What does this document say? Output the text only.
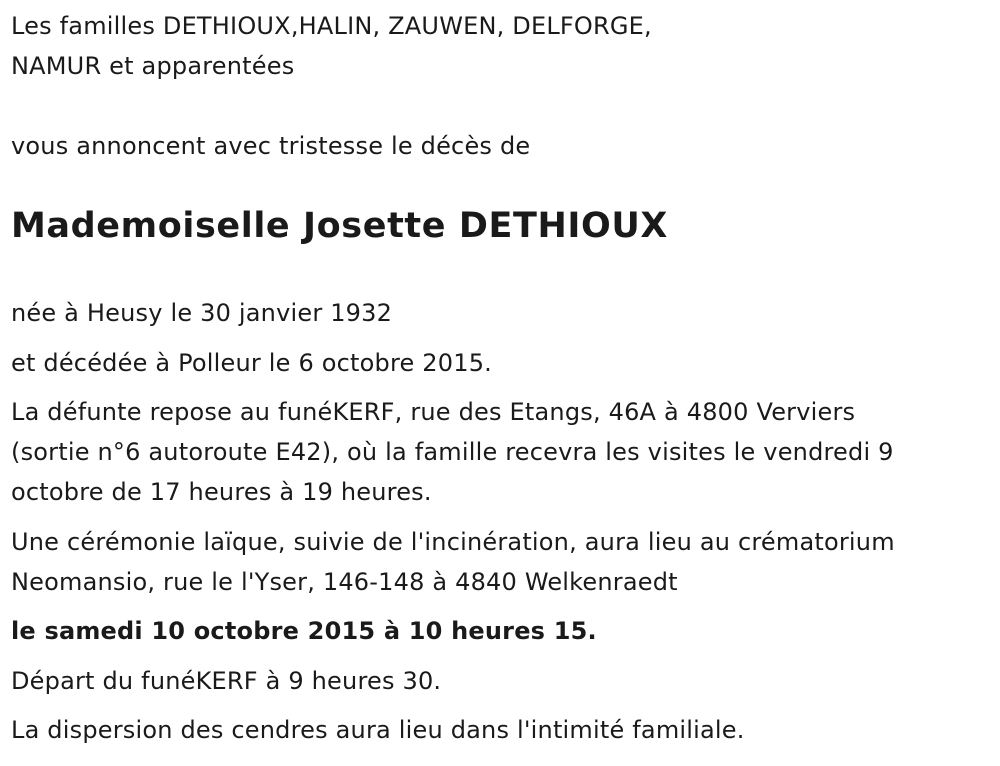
Les familles DETHIOUX,HALIN, ZAUWEN, DELFORGE,
NAMUR et apparentées
vous annoncent avec tristesse le décès de
Mademoiselle Josette DETHIOUX
née à Heusy le 30 janvier 1932
et décédée à Polleur le 6 octobre 2015.
La défunte repose au funéKERF, rue des Etangs, 46A à 4800 Verviers
(sortie n°6 autoroute E42), où la famille recevra les visites le vendredi 9
octobre de 17 heures à 19 heures.
Une cérémonie laïque, suivie de l'incinération, aura lieu au crématorium
Neomansio, rue le l'Yser, 146-148 à 4840 Welkenraedt
le samedi 10 octobre 2015 à 10 heures 15.
Départ du funéKERF à 9 heures 30.
La dispersion des cendres aura lieu dans l'intimité familiale.
